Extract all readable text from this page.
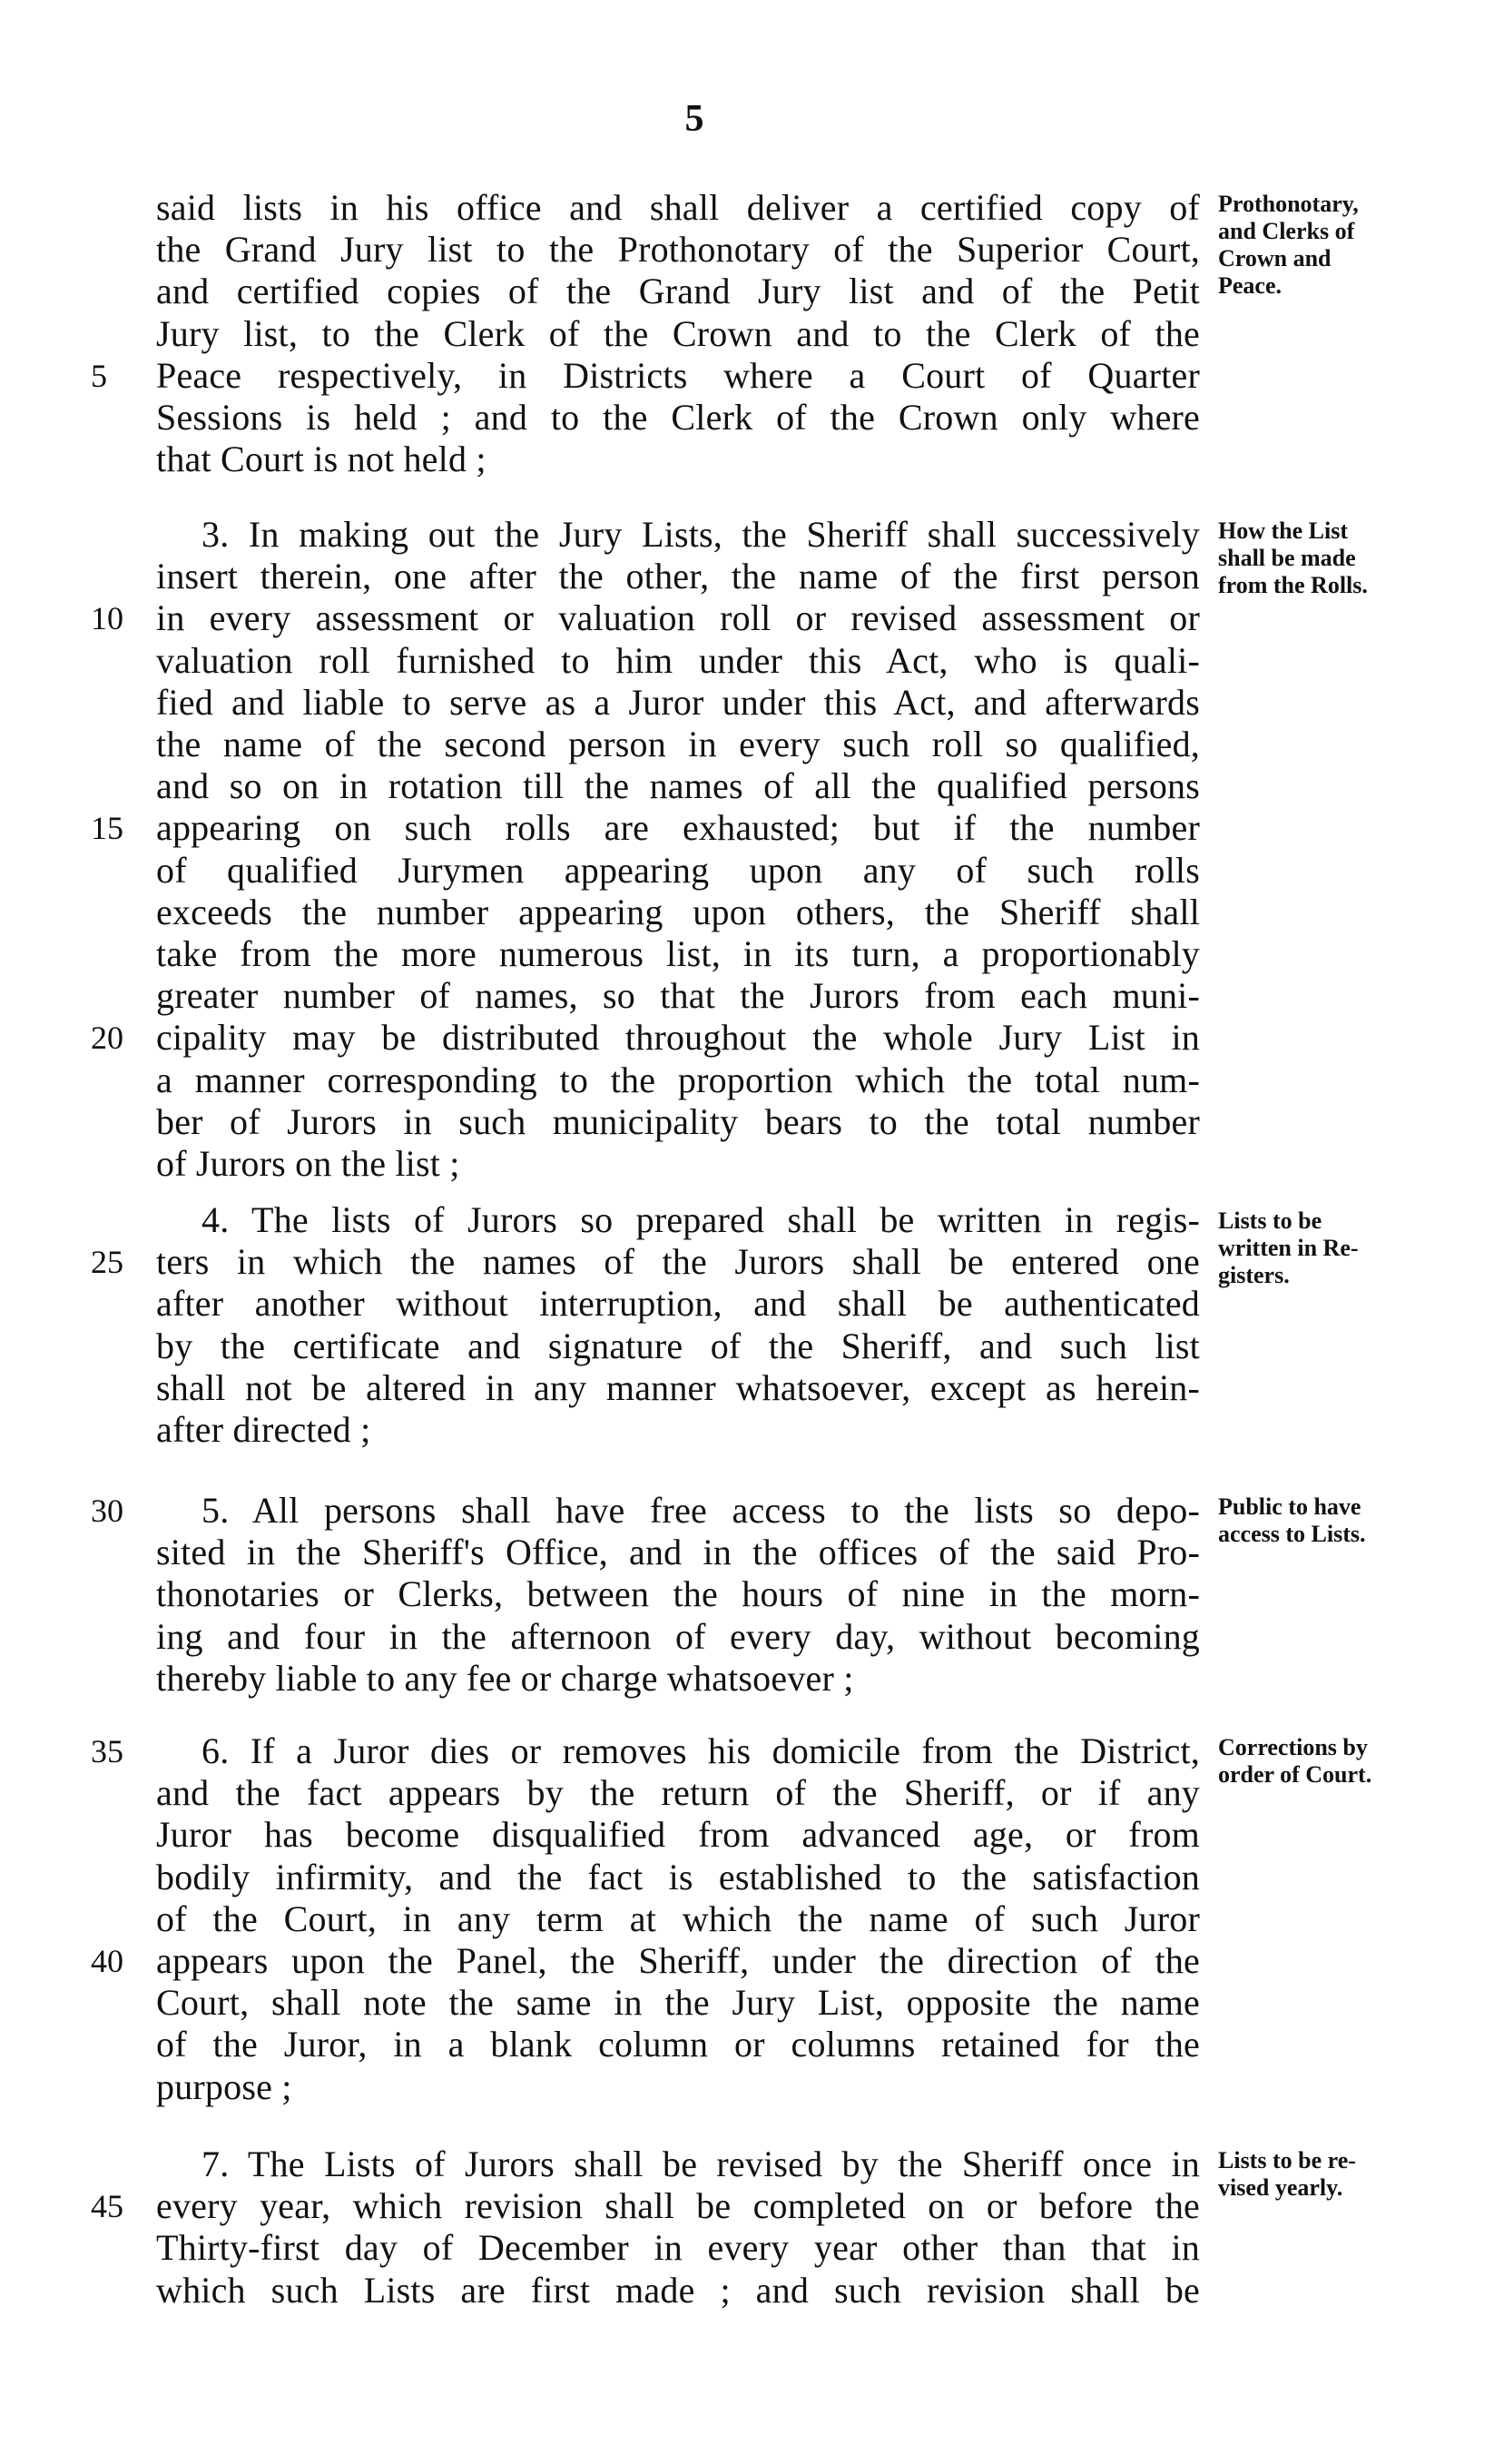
5
said lists in his office and shall deliver a certified copy of
the Grand Jury list to the Prothonotary of the Superior Court,
and certified copies of the Grand Jury list and of the Petit
Jury list, to the Clerk of the Crown and to the Clerk of the
5	Peace respectively, in Districts where a Court of Quarter
Sessions is held ; and to the Clerk of the Crown only where
that Court is not held ;
Prothonotary,
and Clerks of
Crown and
Peace.
3. In making out the Jury Lists, the Sheriff shall successively
insert therein, one after the other, the name of the first person
10 in every assessment or valuation roll or revised assessment or
valuation roll furnished to him under this Act, who is quali-
fied and liable to serve as a Juror under this Act, and afterwards
the name of the second person in every such roll so qualified,
and so on in rotation till the names of all the qualified persons
15 appearing on such rolls are exhausted; but if the number
of qualified Jurymen appearing upon any of such rolls
exceeds the number appearing upon others, the Sheriff shall
take from the more numerous list, in its turn, a proportionably
greater number of names, so that the Jurors from each muni-
20 cipality may be distributed throughout the whole Jury List in
a manner corresponding to the proportion which the total num-
ber of Jurors in such municipality bears to the total number
of Jurors on the list ;
How the List
shall be made
from the Rolls.
4. The lists of Jurors so prepared shall be written in regis-
25 ters in which the names of the Jurors shall be entered one
after another without interruption, and shall be authenticated
by the certificate and signature of the Sheriff, and such list
shall not be altered in any manner whatsoever, except as herein-
after directed ;
Lists to be
written in Re-
gisters.
30	5. All persons shall have free access to the lists so depo-
sited in the Sheriff's Office, and in the offices of the said Pro-
thonotaries or Clerks, between the hours of nine in the morn-
ing and four in the afternoon of every day, without becoming
thereby liable to any fee or charge whatsoever ;
Public to have
access to Lists.
35	6. If a Juror dies or removes his domicile from the District,
and the fact appears by the return of the Sheriff, or if any
Juror has become disqualified from advanced age, or from
bodily infirmity, and the fact is established to the satisfaction
of the Court, in any term at which the name of such Juror
40 appears upon the Panel, the Sheriff, under the direction of the
Court, shall note the same in the Jury List, opposite the name
of the Juror, in a blank column or columns retained for the
purpose ;
Corrections by
order of Court.
7. The Lists of Jurors shall be revised by the Sheriff once in
45 every year, which revision shall be completed on or before the
Thirty-first day of December in every year other than that in
which such Lists are first made ; and such revision shall be
Lists to be re-
vised yearly.
